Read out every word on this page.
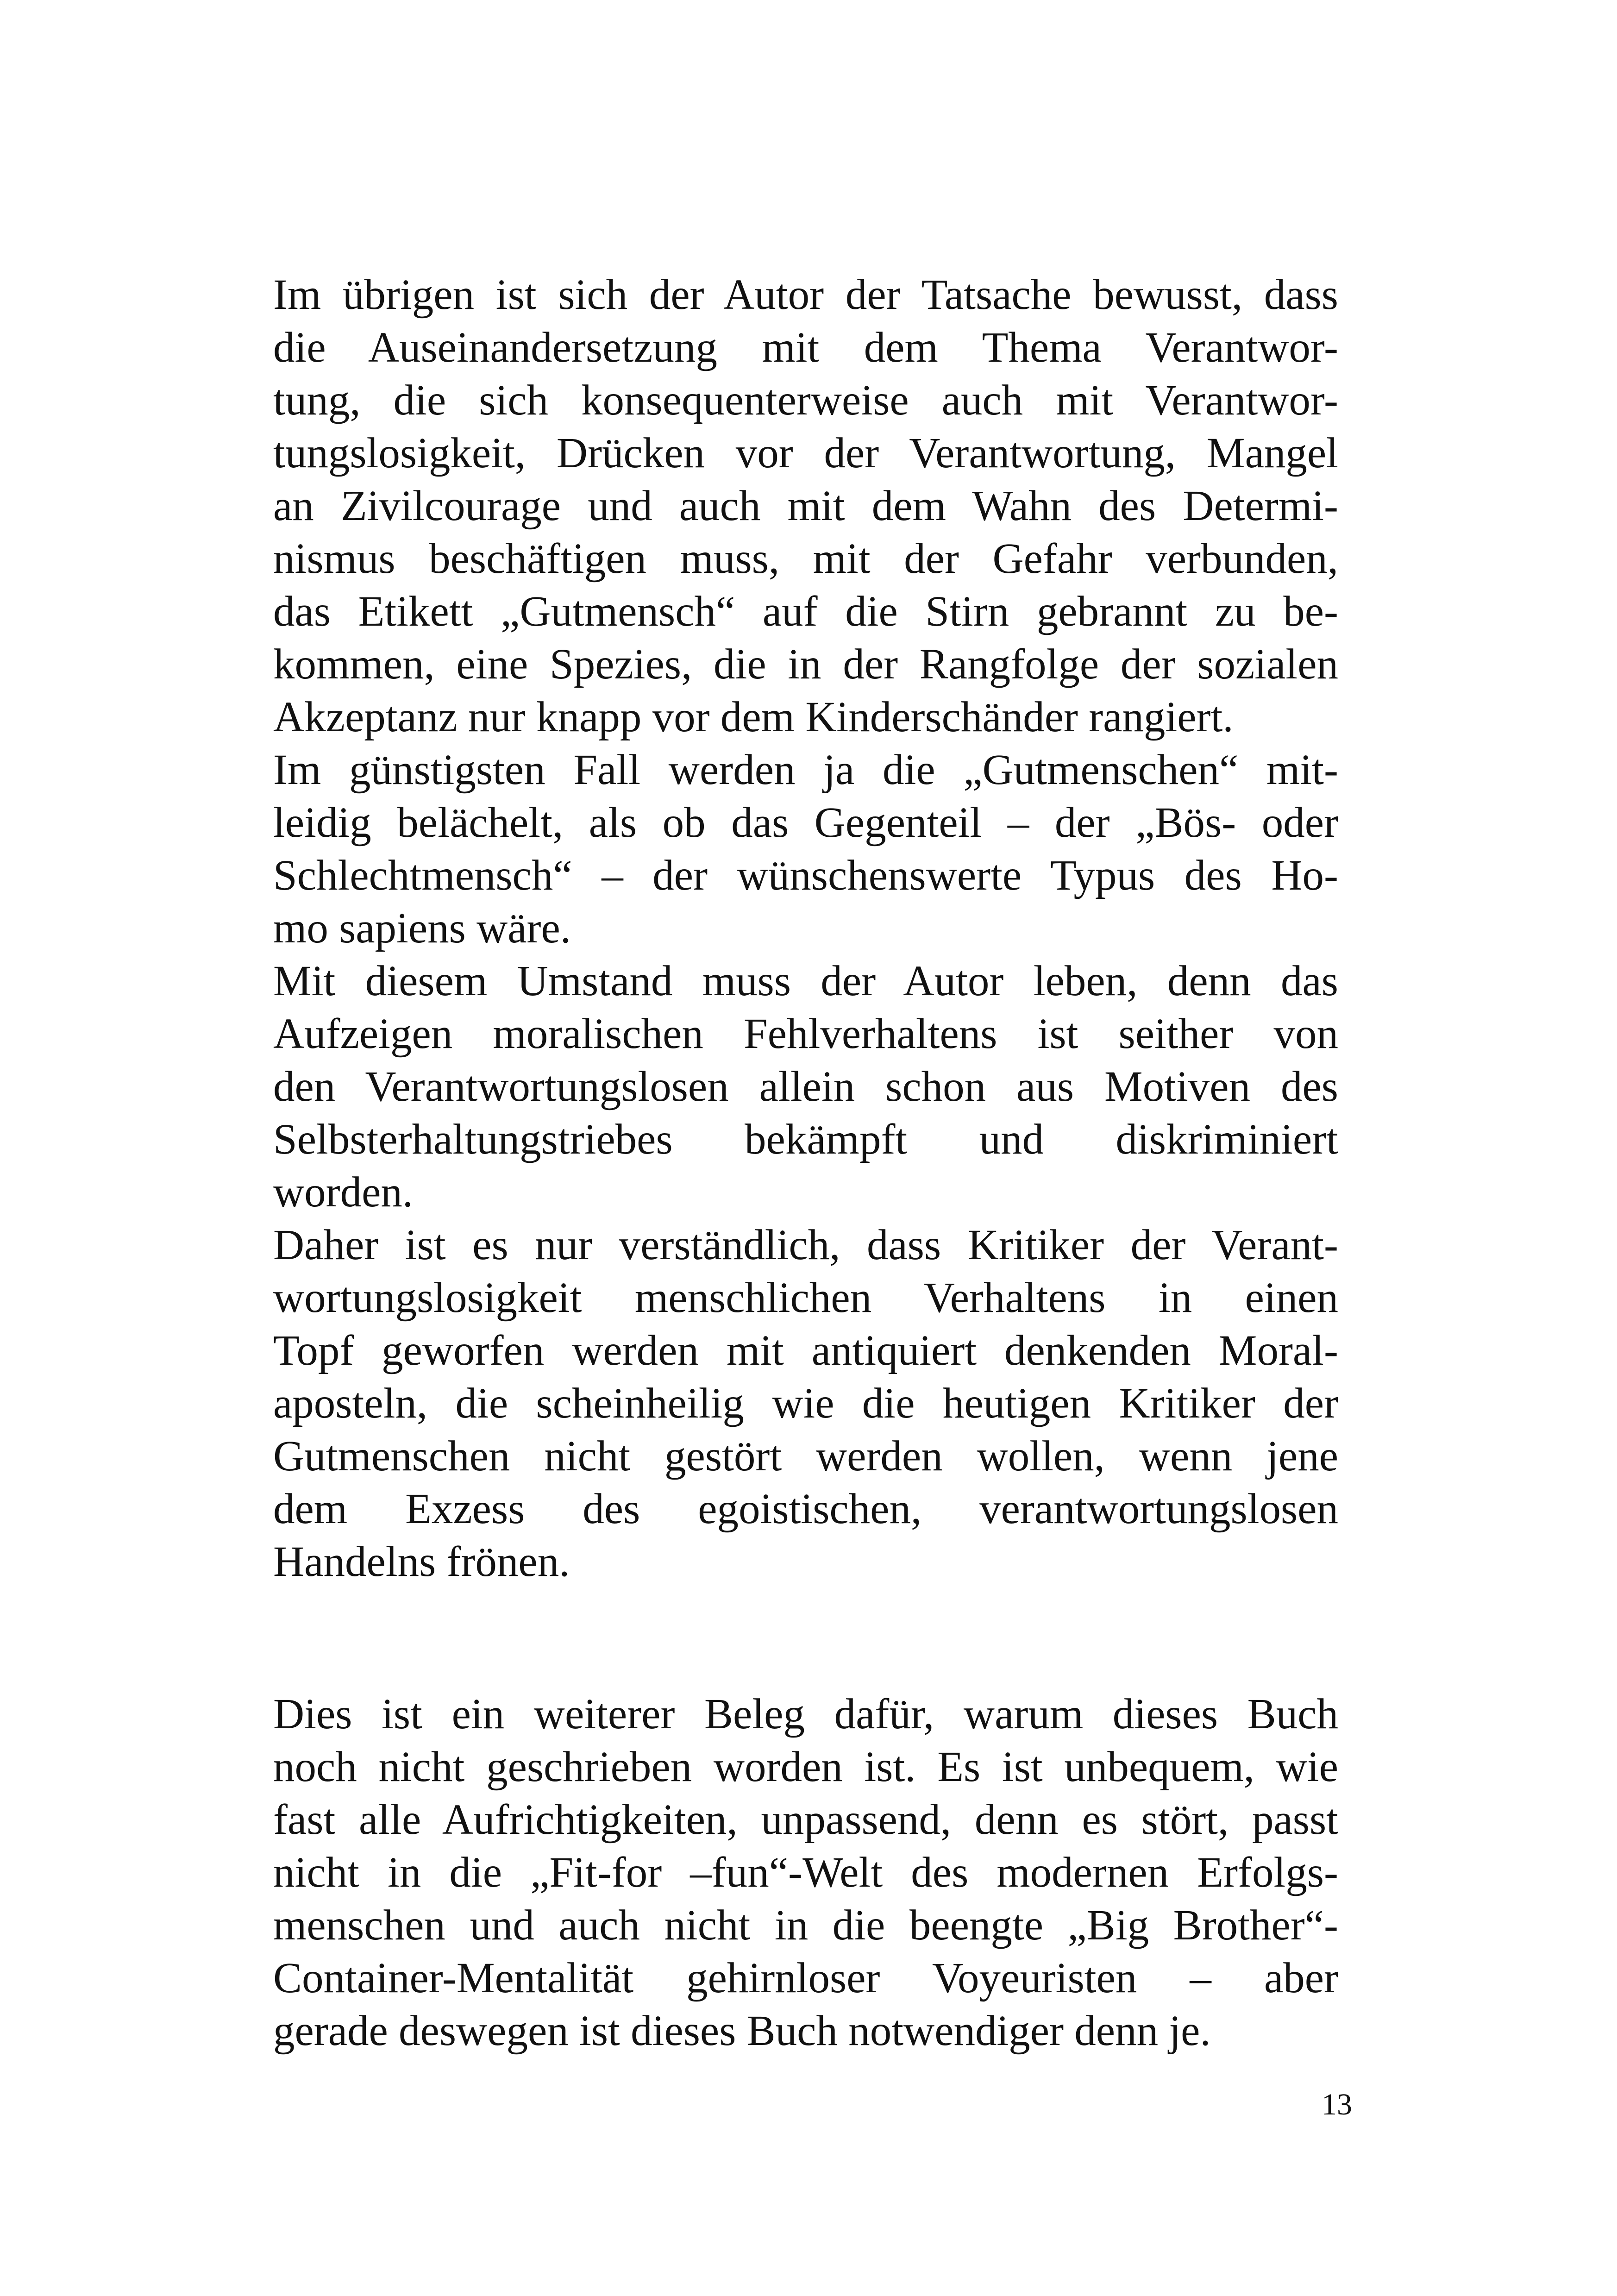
Im übrigen ist sich der Autor der Tatsache bewusst, dass
die Auseinandersetzung mit dem Thema Verantwor-
tung, die sich konsequenterweise auch mit Verantwor-
tungslosigkeit, Drücken vor der Verantwortung, Mangel
an Zivilcourage und auch mit dem Wahn des Determi-
nismus beschäftigen muss, mit der Gefahr verbunden,
das Etikett „Gutmensch“ auf die Stirn gebrannt zu be-
kommen, eine Spezies, die in der Rangfolge der sozialen
Akzeptanz nur knapp vor dem Kinderschänder rangiert.
Im günstigsten Fall werden ja die „Gutmenschen“ mit-
leidig belächelt, als ob das Gegenteil – der „Bös- oder
Schlechtmensch“ – der wünschenswerte Typus des Ho-
mo sapiens wäre.
Mit diesem Umstand muss der Autor leben, denn das
Aufzeigen moralischen Fehlverhaltens ist seither von
den Verantwortungslosen allein schon aus Motiven des
Selbsterhaltungstriebes bekämpft und diskriminiert
worden.
Daher ist es nur verständlich, dass Kritiker der Verant-
wortungslosigkeit menschlichen Verhaltens in einen
Topf geworfen werden mit antiquiert denkenden Moral-
aposteln, die scheinheilig wie die heutigen Kritiker der
Gutmenschen nicht gestört werden wollen, wenn jene
dem Exzess des egoistischen, verantwortungslosen
Handelns frönen.
Dies ist ein weiterer Beleg dafür, warum dieses Buch
noch nicht geschrieben worden ist. Es ist unbequem, wie
fast alle Aufrichtigkeiten, unpassend, denn es stört, passt
nicht in die „Fit-for –fun“-Welt des modernen Erfolgs-
menschen und auch nicht in die beengte „Big Brother“-
Container-Mentalität gehirnloser Voyeuristen – aber
gerade deswegen ist dieses Buch notwendiger denn je.
13
